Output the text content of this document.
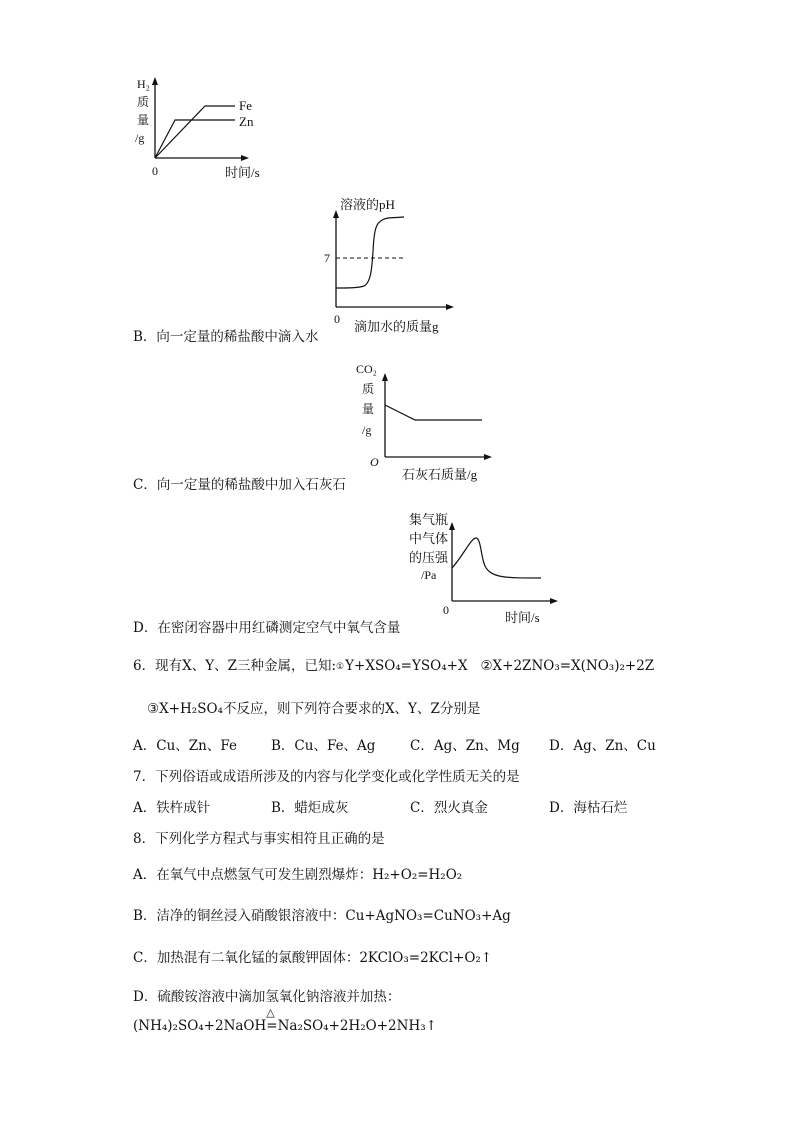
H₂
质
量
/g
Fe
Zn
0	时间/s
溶液的pH
7
0 滴加水的质量g
B．向一定量的稀盐酸中滴入水
CO₂
质
量
/g
O
石灰石质量/g
C．向一定量的稀盐酸中加入石灰石
集气瓶
中气体
的压强
/Pa
0	时间/s
D．在密闭容器中用红磷测定空气中氧气含量
6．现有X、Y、Z三种金属，已知:①Y+XSO₄=YSO₄+X ②X+2ZNO₃=X(NO₃)₂+2Z
③X+H₂SO₄不反应，则下列符合要求的X、Y、Z分别是
A．Cu、Zn、Fe	B．Cu、Fe、Ag	C．Ag、Zn、Mg D．Ag、Zn、Cu
7．下列俗语或成语所涉及的内容与化学变化或化学性质无关的是
A．铁杵成针	B．蜡炬成灰	C．烈火真金	D．海枯石烂
8．下列化学方程式与事实相符且正确的是
A．在氧气中点燃氢气可发生剧烈爆炸：H₂+O₂=H₂O₂
B．洁净的铜丝浸入硝酸银溶液中：Cu+AgNO₃=CuNO₃+Ag
C．加热混有二氧化锰的氯酸钾固体：2KClO₃=2KCl+O₂↑
D．硫酸铵溶液中滴加氢氧化钠溶液并加热：
(NH₄)₂SO₄+2NaOH
△
=Na₂SO₄+2H₂O+2NH₃↑
